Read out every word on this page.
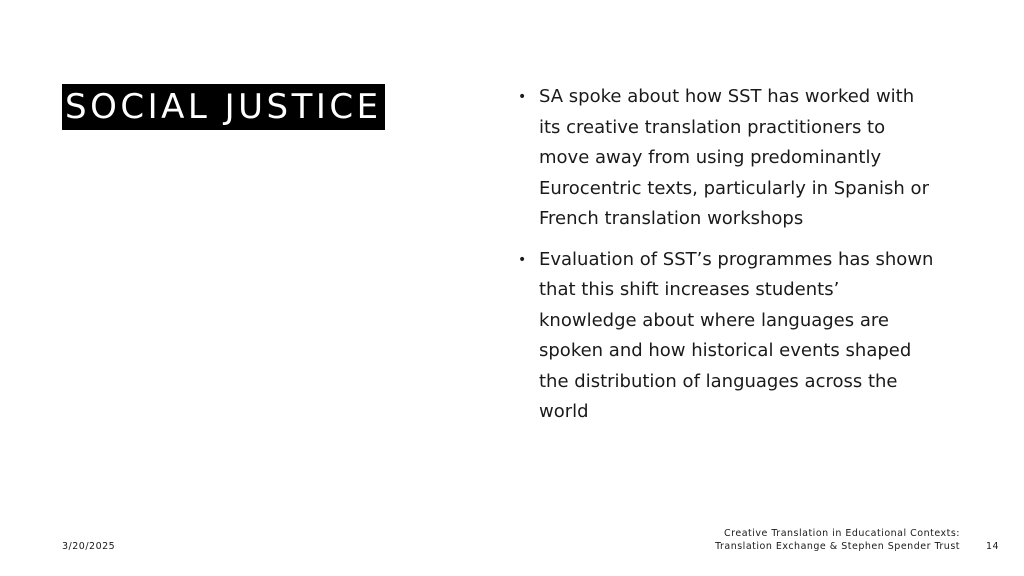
SOCIAL JUSTICE	• SA spoke about how SST has worked with its creative translation practitioners to move away from using predominantly Eurocentric texts, particularly in Spanish or French translation workshops
• Evaluation of SST’s programmes has shown that this shift increases students’ knowledge about where languages are spoken and how historical events shaped the distribution of languages across the world
3/20/2025
Creative Translation in Educational Contexts:
Translation Exchange & Stephen Spender Trust	14
